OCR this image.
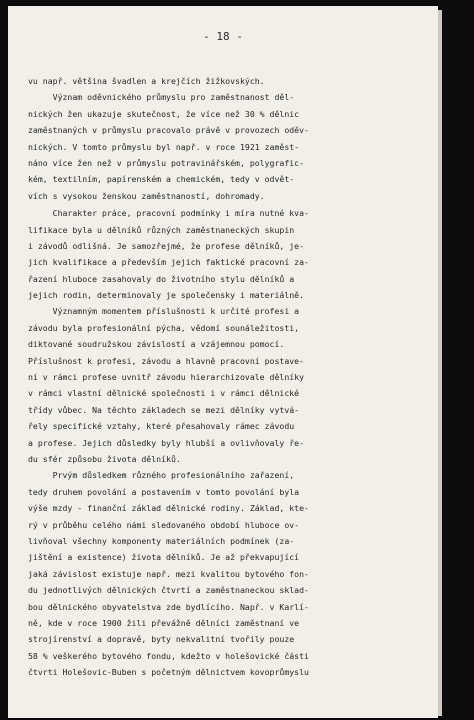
- 18 -
vu např. většina švadlen a krejčích žižkovských.
Význam oděvnického průmyslu pro zaměstnanost děl-
nických žen ukazuje skutečnost, že více než 30 % dělnic
zaměstnaných v průmyslu pracovalo právě v provozech oděv-
nických. V tomto průmyslu byl např. v roce 1921 zaměst-
náno více žen než v průmyslu potravinářském, polygrafic-
kém, textilním, papírenském a chemickém, tedy v odvět-
vích s vysokou ženskou zaměstnaností, dohromady.
Charakter práce, pracovní podmínky i míra nutné kva-
lifikace byla u dělníků různých zaměstnaneckých skupin
i závodů odlišná. Je samozřejmé, že profese dělníků, je-
jich kvalifikace a především jejich faktické pracovní za-
řazení hluboce zasahovaly do životního stylu dělníků a
jejich rodin, determinovaly je společensky i materiálně.
Významným momentem příslušnosti k určité profesi a
závodu byla profesionální pýcha, vědomí sounáležitosti,
diktované soudružskou závislostí a vzájemnou pomocí.
Příslušnost k profesi, závodu a hlavně pracovní postave-
ní v rámci profese uvnitř závodu hierarchizovale dělníky
v rámci vlastní dělnické společnosti i v rámci dělnické
třídy vůbec. Na těchto základech se mezi dělníky vytvá-
řely specifické vztahy, které přesahovaly rámec závodu
a profese. Jejich důsledky byly hlubší a ovlivňovaly ře-
du sfér způsobu života dělníků.
Prvým důsledkem různého profesionálního zařazení,
tedy druhem povolání a postavením v tomto povolání byla
výše mzdy - finanční základ dělnické rodiny. Základ, kte-
rý v průběhu celého námi sledovaného období hluboce ov-
livňoval všechny komponenty materiálních podmínek (za-
jištění a existence) života dělníků. Je až překvapující
jaká závislost existuje např. mezi kvalitou bytového fon-
du jednotlivých dělnických čtvrtí a zaměstnaneckou sklad-
bou dělnického obyvatelstva zde bydlícího. Např. v Karlí-
ně, kde v roce 1900 žili převážně dělníci zaměstnaní ve
strojírenství a dopravě, byty nekvalitní tvořily pouze
58 % veškerého bytového fondu, kdežto v holešovické části
čtvrti Holešovic-Buben s početným dělnictvem kovoprůmyslu
